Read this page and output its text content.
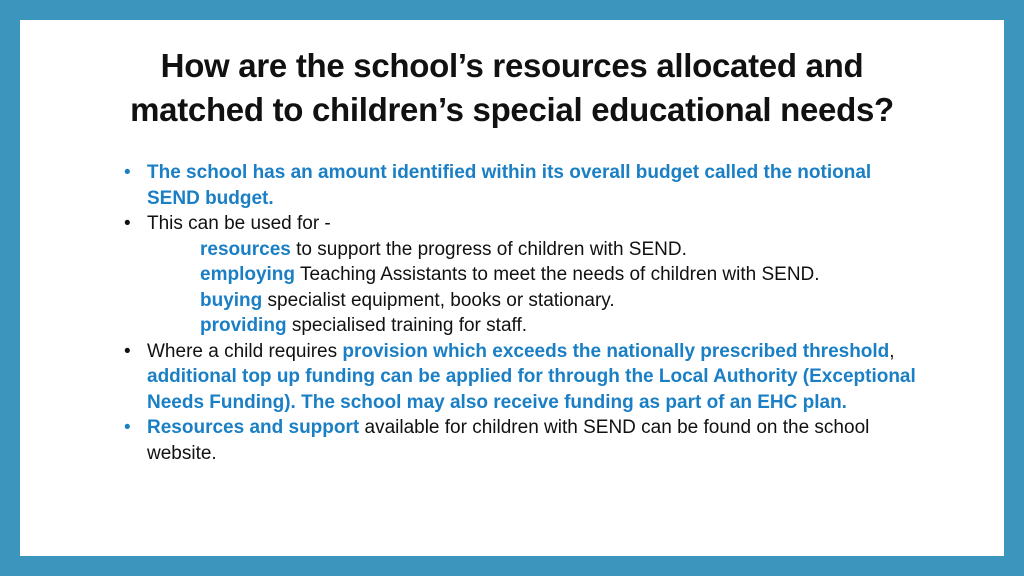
How are the school’s resources allocated and
matched to children’s special educational needs?
• The school has an amount identified within its overall budget called the notional SEND budget.
• This can be used for -
resources to support the progress of children with SEND.
employing Teaching Assistants to meet the needs of children with SEND.
buying specialist equipment, books or stationary.
providing specialised training for staff.
• Where a child requires provision which exceeds the nationally prescribed threshold, additional top up funding can be applied for through the Local Authority (Exceptional Needs Funding). The school may also receive funding as part of an EHC plan.
• Resources and support available for children with SEND can be found on the school website.
